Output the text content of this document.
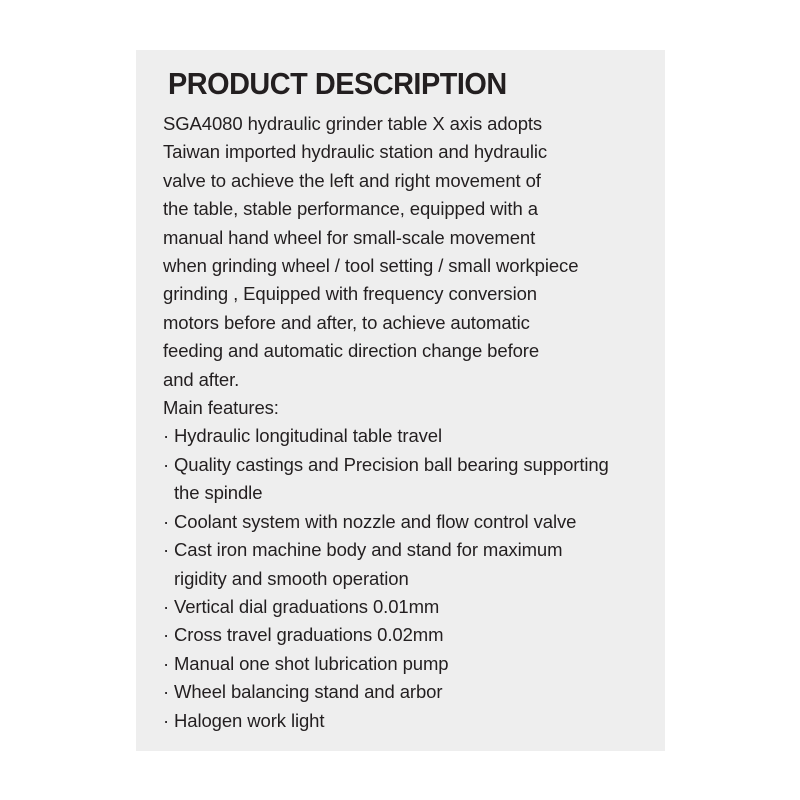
PRODUCT DESCRIPTION
SGA4080 hydraulic grinder table X axis adopts
Taiwan imported hydraulic station and hydraulic
valve to achieve the left and right movement of
the table, stable performance, equipped with a
manual hand wheel for small-scale movement
when grinding wheel / tool setting / small workpiece
grinding , Equipped with frequency conversion
motors before and after, to achieve automatic
feeding and automatic direction change before
and after.
Main features:
· Hydraulic longitudinal table travel
· Quality castings and Precision ball bearing supporting
the spindle
· Coolant system with nozzle and flow control valve
· Cast iron machine body and stand for maximum
rigidity and smooth operation
· Vertical dial graduations 0.01mm
· Cross travel graduations 0.02mm
· Manual one shot lubrication pump
· Wheel balancing stand and arbor
· Halogen work light
